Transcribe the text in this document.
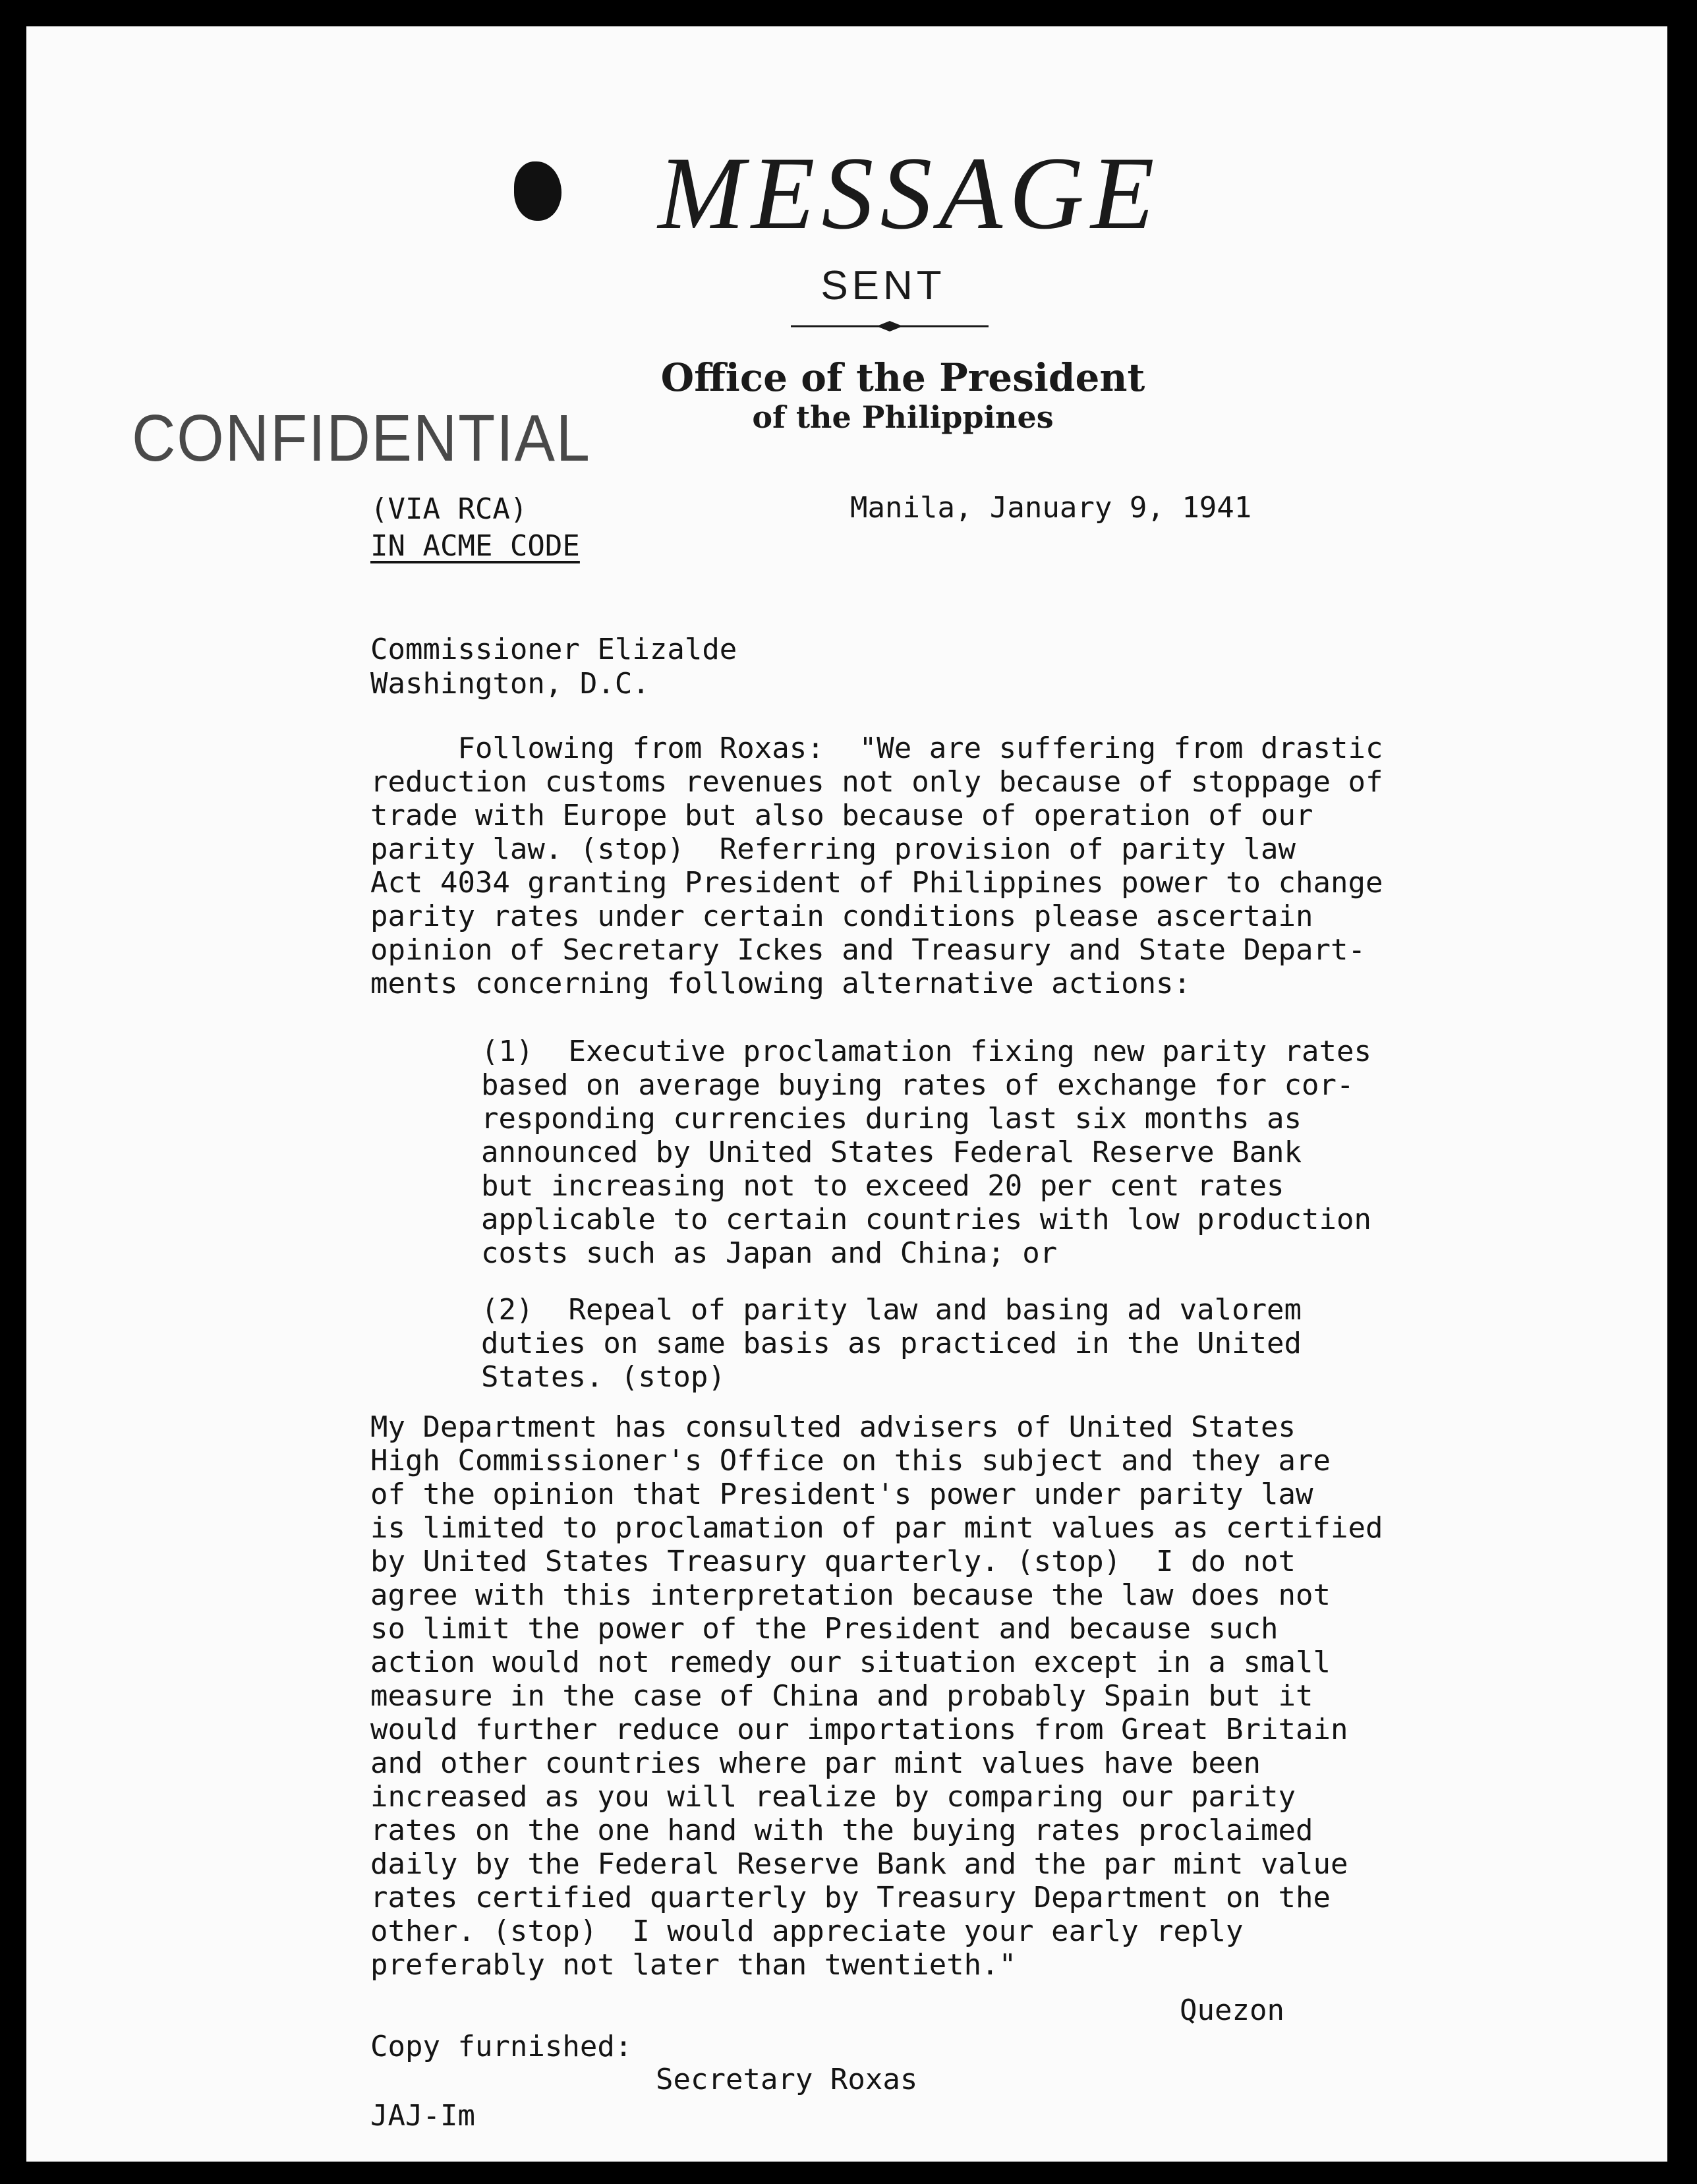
MESSAGE
SENT
Office of the President
of the Philippines
CONFIDENTIAL
(VIA RCA)
IN ACME CODE
Manila, January 9, 1941
Commissioner Elizalde
Washington, D.C.
Following from Roxas:  "We are suffering from drastic
reduction customs revenues not only because of stoppage of
trade with Europe but also because of operation of our
parity law. (stop)  Referring provision of parity law
Act 4034 granting President of Philippines power to change
parity rates under certain conditions please ascertain
opinion of Secretary Ickes and Treasury and State Depart-
ments concerning following alternative actions:
(1)  Executive proclamation fixing new parity rates
based on average buying rates of exchange for cor-
responding currencies during last six months as
announced by United States Federal Reserve Bank
but increasing not to exceed 20 per cent rates
applicable to certain countries with low production
costs such as Japan and China; or
(2)  Repeal of parity law and basing ad valorem
duties on same basis as practiced in the United
States. (stop)
My Department has consulted advisers of United States
High Commissioner's Office on this subject and they are
of the opinion that President's power under parity law
is limited to proclamation of par mint values as certified
by United States Treasury quarterly. (stop)  I do not
agree with this interpretation because the law does not
so limit the power of the President and because such
action would not remedy our situation except in a small
measure in the case of China and probably Spain but it
would further reduce our importations from Great Britain
and other countries where par mint values have been
increased as you will realize by comparing our parity
rates on the one hand with the buying rates proclaimed
daily by the Federal Reserve Bank and the par mint value
rates certified quarterly by Treasury Department on the
other. (stop)  I would appreciate your early reply
preferably not later than twentieth."
Quezon
Copy furnished:
Secretary Roxas
JAJ-Im
